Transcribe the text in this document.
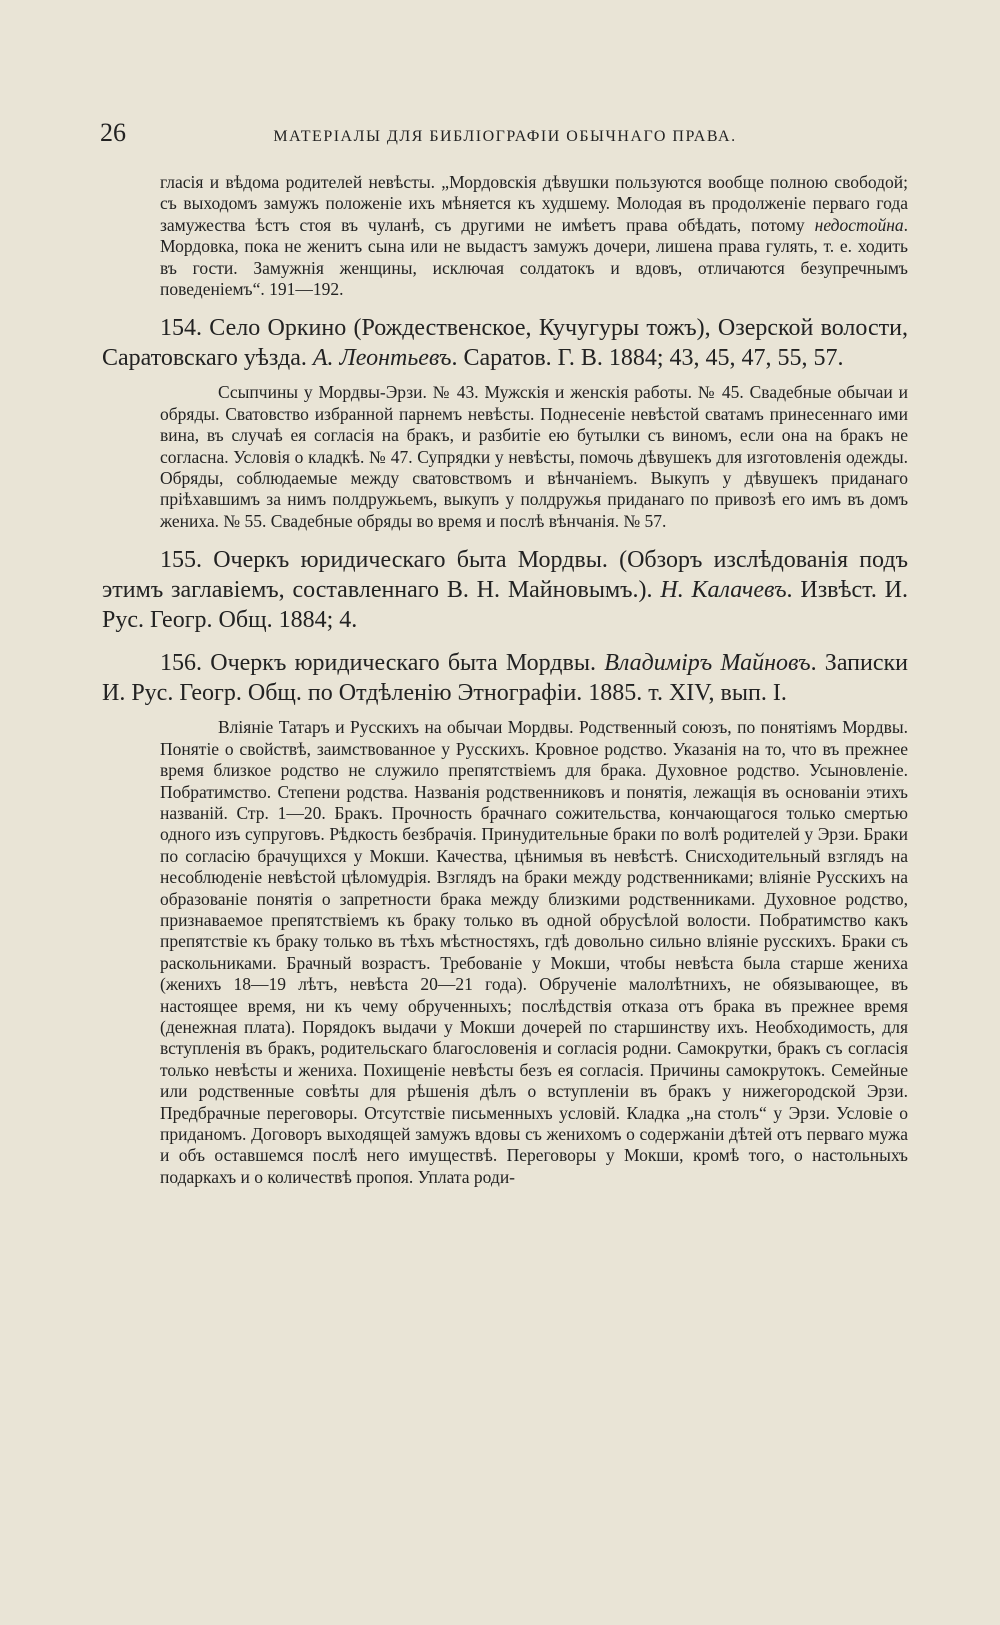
26	МАТЕРІАЛЫ ДЛЯ БИБЛІОГРАФІИ ОБЫЧНАГО ПРАВА.

гласія и вѣдома родителей невѣсты. „Мордовскія дѣвушки пользуются вообще полною свободой; съ выходомъ замужъ положеніе ихъ мѣняется къ худшему. Молодая въ продолженіе перваго года замужества ѣстъ стоя въ чуланѣ, съ другими не имѣетъ права обѣдать, потому недостойна. Мордовка, пока не женитъ сына или не выдастъ замужъ дочери, лишена права гулять, т. е. ходить въ гости. Замужнія женщины, исключая солдатокъ и вдовъ, отличаются безупречнымъ поведеніемъ“. 191—192.

154. Село Оркино (Рождественское, Кучугуры тожъ), Озерской волости, Саратовскаго уѣзда. А. Леонтьевъ. Саратов. Г. В. 1884; 43, 45, 47, 55, 57.

Ссыпчины у Мордвы-Эрзи. № 43. Мужскія и женскія работы. № 45. Свадебные обычаи и обряды. Сватовство избранной парнемъ невѣсты. Поднесеніе невѣстой сватамъ принесеннаго ими вина, въ случаѣ ея согласія на бракъ, и разбитіе ею бутылки съ виномъ, если она на бракъ не согласна. Условія о кладкѣ. № 47. Супрядки у невѣсты, помочь дѣвушекъ для изготовленія одежды. Обряды, соблюдаемые между сватовствомъ и вѣнчаніемъ. Выкупъ у дѣвушекъ приданаго пріѣхавшимъ за нимъ полдружьемъ, выкупъ у полдружья приданаго по привозѣ его имъ въ домъ жениха. № 55. Свадебные обряды во время и послѣ вѣнчанія. № 57.

155. Очеркъ юридическаго быта Мордвы. (Обзоръ изслѣдованія подъ этимъ заглавіемъ, составленнаго В. Н. Майновымъ.). Н. Калачевъ. Извѣст. И. Рус. Геогр. Общ. 1884; 4.

156. Очеркъ юридическаго быта Мордвы. Владимiръ Майновъ. Записки И. Рус. Геогр. Общ. по Отдѣленію Этнографіи. 1885. т. XIV, вып. I.

Вліяніе Татаръ и Русскихъ на обычаи Мордвы. Родственный союзъ, по понятіямъ Мордвы. Понятіе о свойствѣ, заимствованное у Русскихъ. Кровное родство. Указанія на то, что въ прежнее время близкое родство не служило препятствіемъ для брака. Духовное родство. Усыновленіе. Побратимство. Степени родства. Названія родственниковъ и понятія, лежащія въ основаніи этихъ названій. Стр. 1—20. Бракъ. Прочность брачнаго сожительства, кончающагося только смертью одного изъ супруговъ. Рѣдкость безбрачія. Принудительные браки по волѣ родителей у Эрзи. Браки по согласію брачущихся у Мокши. Качества, цѣнимыя въ невѣстѣ. Снисходительный взглядъ на несоблюденіе невѣстой цѣломудрія. Взглядъ на браки между родственниками; вліяніе Русскихъ на образованіе понятія о запретности брака между близкими родственниками. Духовное родство, признаваемое препятствіемъ къ браку только въ одной обрусѣлой волости. Побратимство какъ препятствіе къ браку только въ тѣхъ мѣстностяхъ, гдѣ довольно сильно вліяніе русскихъ. Браки съ раскольниками. Брачный возрастъ. Требованіе у Мокши, чтобы невѣста была старше жениха (женихъ 18—19 лѣтъ, невѣста 20—21 года). Обрученіе малолѣтнихъ, не обязывающее, въ настоящее время, ни къ чему обрученныхъ; послѣдствія отказа отъ брака въ прежнее время (денежная плата). Порядокъ выдачи у Мокши дочерей по старшинству ихъ. Необходимость, для вступленія въ бракъ, родительскаго благословенія и согласія родни. Самокрутки, бракъ съ согласія только невѣсты и жениха. Похищеніе невѣсты безъ ея согласія. Причины самокрутокъ. Семейные или родственные совѣты для рѣшенія дѣлъ о вступленіи въ бракъ у нижегородской Эрзи. Предбрачные переговоры. Отсутствіе письменныхъ условій. Кладка „на столъ“ у Эрзи. Условіе о приданомъ. Договоръ выходящей замужъ вдовы съ женихомъ о содержаніи дѣтей отъ перваго мужа и объ оставшемся послѣ него имуществѣ. Переговоры у Мокши, кромѣ того, о настольныхъ подаркахъ и о количествѣ пропоя. Уплата роди-
